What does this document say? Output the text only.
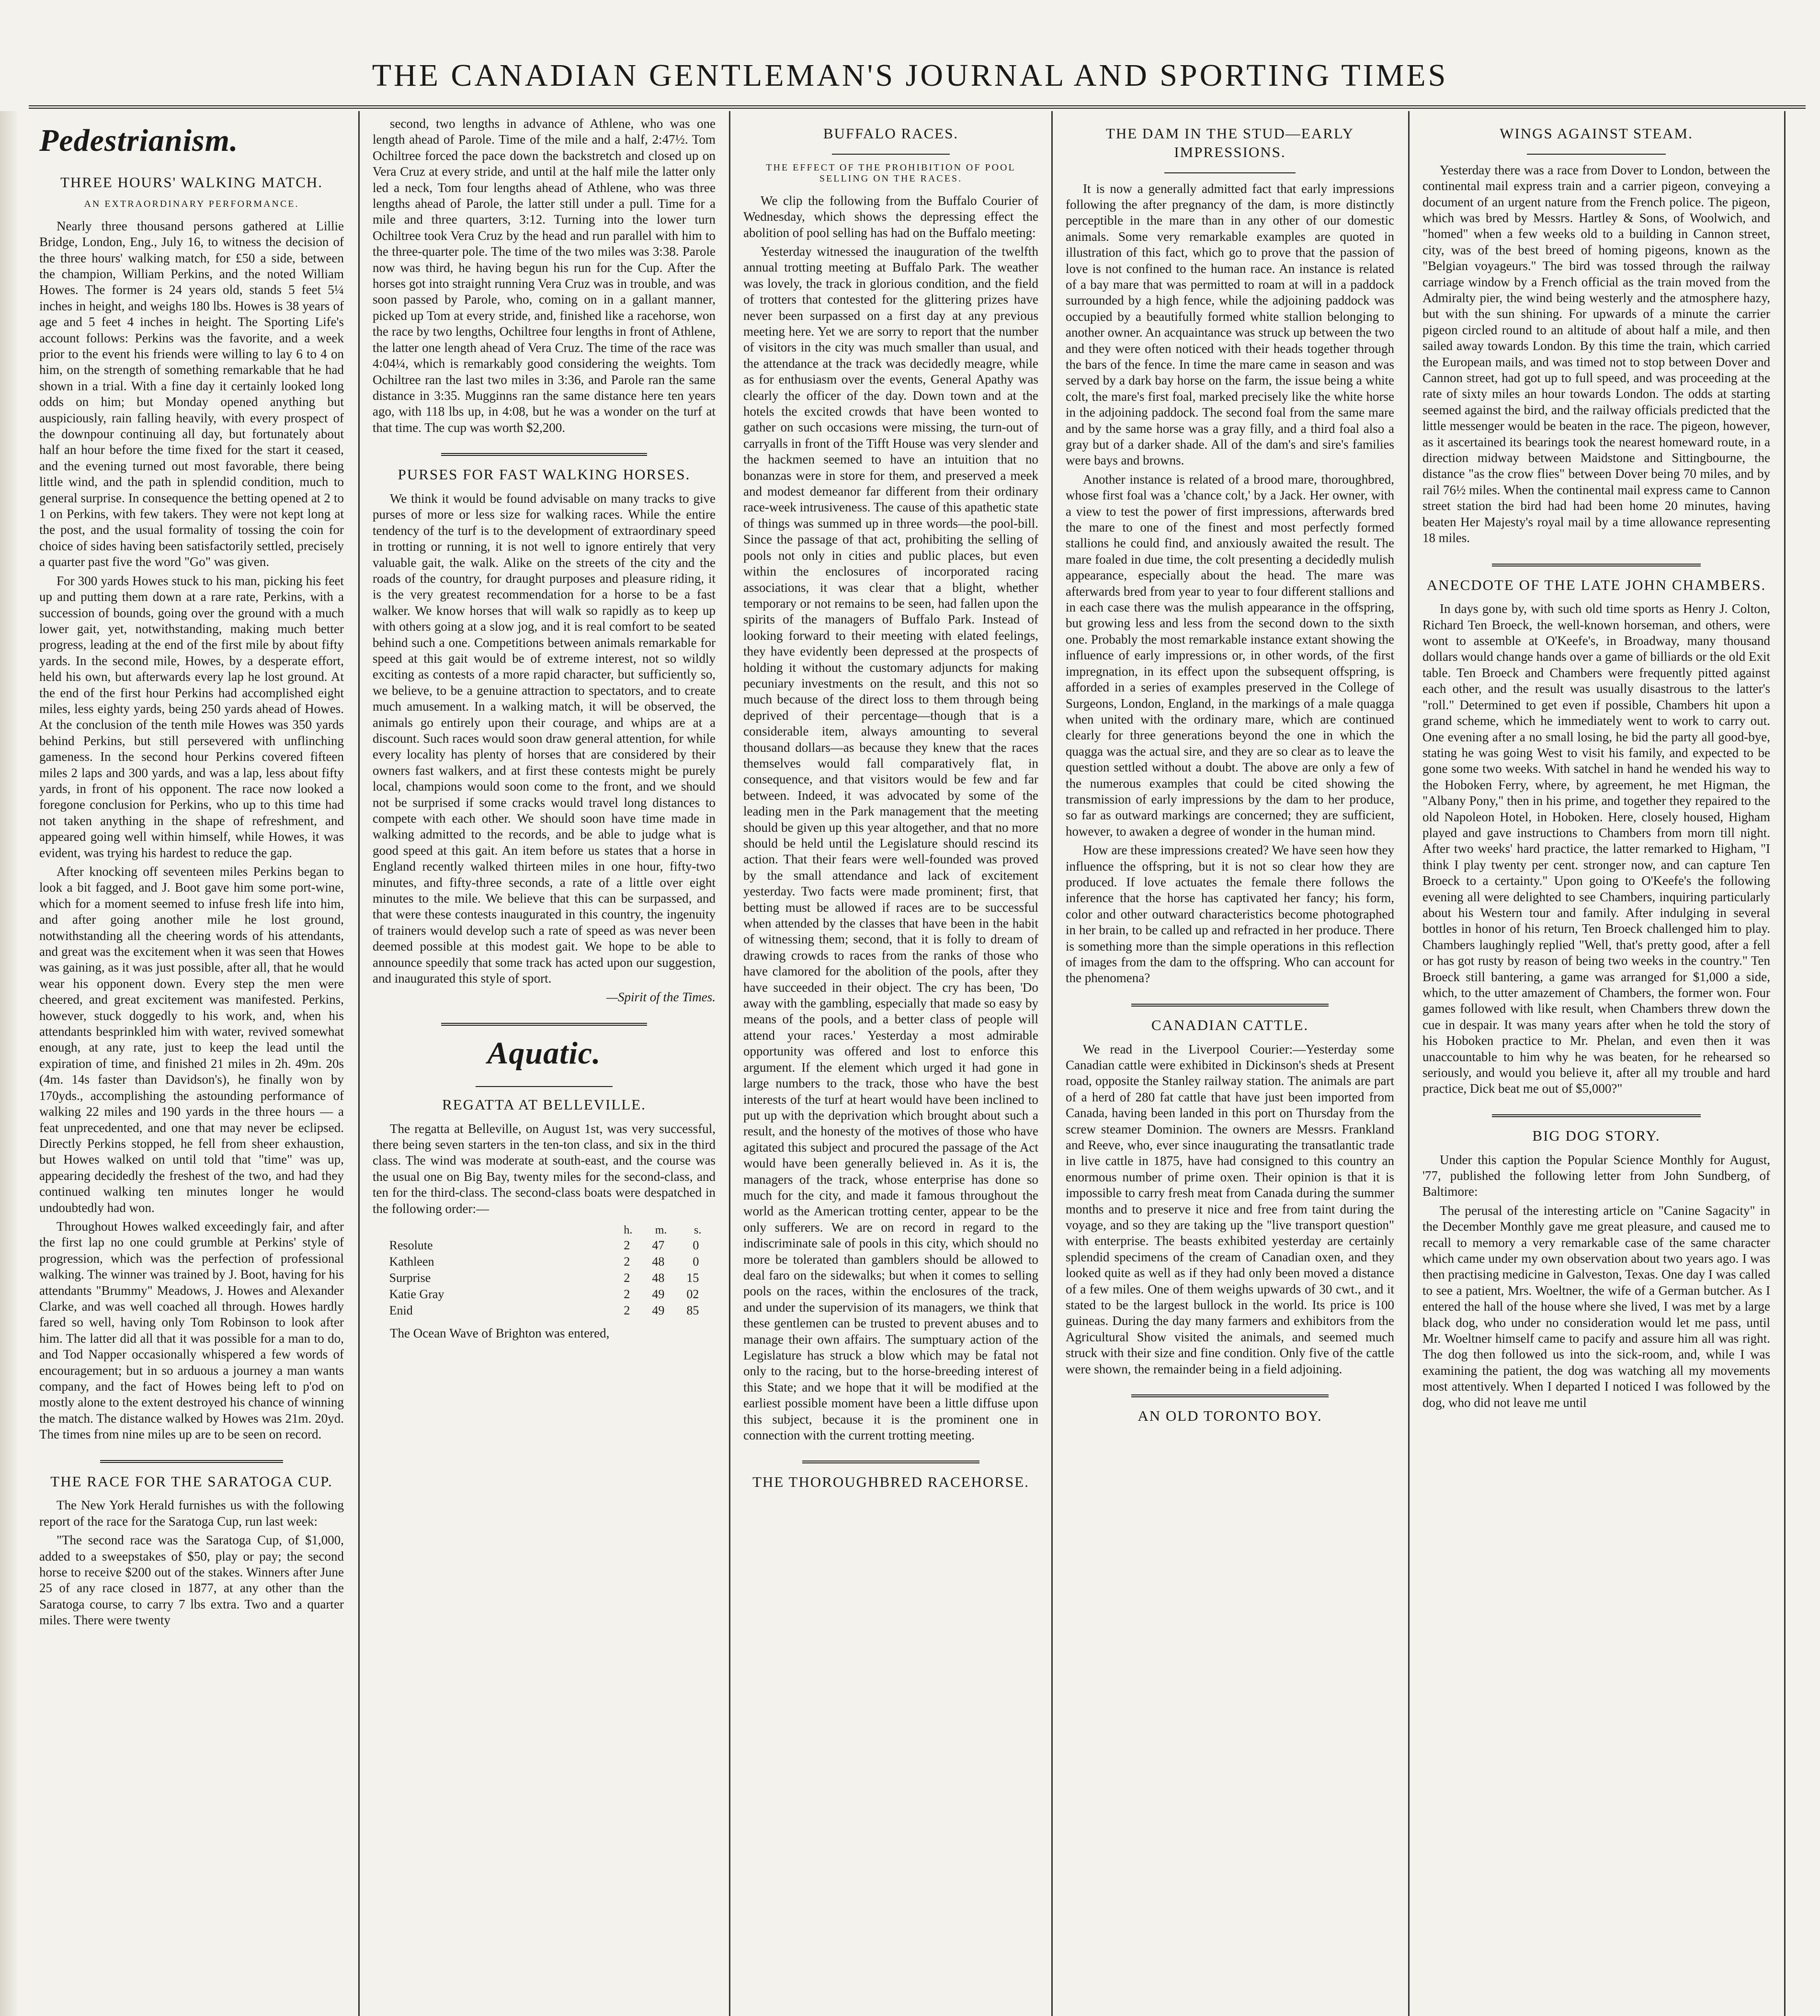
THE CANADIAN GENTLEMAN'S JOURNAL AND SPORTING TIMES
Pedestrianism.
THREE HOURS' WALKING MATCH.
AN EXTRAORDINARY PERFORMANCE.

Nearly three thousand persons gathered at Lillie Bridge, London, Eng., July 16, to witness the decision of the three hours' walking match, for £50 a side, between the champion, William Perkins, and the noted William Howes. The former is 24 years old, stands 5 feet 5¼ inches in height, and weighs 180 lbs. Howes is 38 years of age and 5 feet 4 inches in height. The Sporting Life's account follows: Perkins was the favorite, and a week prior to the event his friends were willing to lay 6 to 4 on him, on the strength of something remarkable that he had shown in a trial. With a fine day it certainly looked long odds on him; but Monday opened anything but auspiciously, rain falling heavily, with every prospect of the downpour continuing all day, but fortunately about half an hour before the time fixed for the start it ceased, and the evening turned out most favorable, there being little wind, and the path in splendid condition, much to general surprise. In consequence the betting opened at 2 to 1 on Perkins, with few takers. They were not kept long at the post, and the usual formality of tossing the coin for choice of sides having been satisfactorily settled, precisely a quarter past five the word "Go" was given.

For 300 yards Howes stuck to his man, picking his feet up and putting them down at a rare rate, Perkins, with a succession of bounds, going over the ground with a much lower gait, yet, notwithstanding, making much better progress, leading at the end of the first mile by about fifty yards. In the second mile, Howes, by a desperate effort, held his own, but afterwards every lap he lost ground. At the end of the first hour Perkins had accomplished eight miles, less eighty yards, being 250 yards ahead of Howes. At the conclusion of the tenth mile Howes was 350 yards behind Perkins, but still persevered with unflinching gameness. In the second hour Perkins covered fifteen miles 2 laps and 300 yards, and was a lap, less about fifty yards, in front of his opponent. The race now looked a foregone conclusion for Perkins, who up to this time had not taken anything in the shape of refreshment, and appeared going well within himself, while Howes, it was evident, was trying his hardest to reduce the gap.

After knocking off seventeen miles Perkins began to look a bit fagged, and J. Boot gave him some port-wine, which for a moment seemed to infuse fresh life into him, and after going another mile he lost ground, notwithstanding all the cheering words of his attendants, and great was the excitement when it was seen that Howes was gaining, as it was just possible, after all, that he would wear his opponent down. Every step the men were cheered, and great excitement was manifested. Perkins, however, stuck doggedly to his work, and, when his attendants besprinkled him with water, revived somewhat enough, at any rate, just to keep the lead until the expiration of time, and finished 21 miles in 2h. 49m. 20s (4m. 14s faster than Davidson's), he finally won by 170yds., accomplishing the astounding performance of walking 22 miles and 190 yards in the three hours — a feat unprecedented, and one that may never be eclipsed. Directly Perkins stopped, he fell from sheer exhaustion, but Howes walked on until told that "time" was up, appearing decidedly the freshest of the two, and had they continued walking ten minutes longer he would undoubtedly had won.

Throughout Howes walked exceedingly fair, and after the first lap no one could grumble at Perkins' style of progression, which was the perfection of professional walking. The winner was trained by J. Boot, having for his attendants "Brummy" Meadows, J. Howes and Alexander Clarke, and was well coached all through. Howes hardly fared so well, having only Tom Robinson to look after him. The latter did all that it was possible for a man to do, and Tod Napper occasionally whispered a few words of encouragement; but in so arduous a journey a man wants company, and the fact of Howes being left to p'od on mostly alone to the extent destroyed his chance of winning the match. The distance walked by Howes was 21m. 20yd. The times from nine miles up are to be seen on record.

THE RACE FOR THE SARATOGA CUP.

The New York Herald furnishes us with the following report of the race for the Saratoga Cup, run last week:

"The second race was the Saratoga Cup, of $1,000, added to a sweepstakes of $50, play or pay; the second horse to receive $200 out of the stakes. Winners after June 25 of any race closed in 1877, at any other than the Saratoga course, to carry 7 lbs extra. Two and a quarter miles. There were twenty

second, two lengths in advance of Athlene, who was one length ahead of Parole. Time of the mile and a half, 2:47½. Tom Ochiltree forced the pace down the backstretch and closed up on Vera Cruz at every stride, and until at the half mile the latter only led a neck, Tom four lengths ahead of Athlene, who was three lengths ahead of Parole, the latter still under a pull. Time for a mile and three quarters, 3:12. Turning into the lower turn Ochiltree took Vera Cruz by the head and run parallel with him to the three-quarter pole. The time of the two miles was 3:38. Parole now was third, he having begun his run for the Cup. After the horses got into straight running Vera Cruz was in trouble, and was soon passed by Parole, who, coming on in a gallant manner, picked up Tom at every stride, and, finished like a racehorse, won the race by two lengths, Ochiltree four lengths in front of Athlene, the latter one length ahead of Vera Cruz. The time of the race was 4:04¼, which is remarkably good considering the weights. Tom Ochiltree ran the last two miles in 3:36, and Parole ran the same distance in 3:35. Mugginns ran the same distance here ten years ago, with 118 lbs up, in 4:08, but he was a wonder on the turf at that time. The cup was worth $2,200.

PURSES FOR FAST WALKING HORSES.

We think it would be found advisable on many tracks to give purses of more or less size for walking races. While the entire tendency of the turf is to the development of extraordinary speed in trotting or running, it is not well to ignore entirely that very valuable gait, the walk. Alike on the streets of the city and the roads of the country, for draught purposes and pleasure riding, it is the very greatest recommendation for a horse to be a fast walker. We know horses that will walk so rapidly as to keep up with others going at a slow jog, and it is real comfort to be seated behind such a one. Competitions between animals remarkable for speed at this gait would be of extreme interest, not so wildly exciting as contests of a more rapid character, but sufficiently so, we believe, to be a genuine attraction to spectators, and to create much amusement. In a walking match, it will be observed, the animals go entirely upon their courage, and whips are at a discount. Such races would soon draw general attention, for while every locality has plenty of horses that are considered by their owners fast walkers, and at first these contests might be purely local, champions would soon come to the front, and we should not be surprised if some cracks would travel long distances to compete with each other. We should soon have time made in walking admitted to the records, and be able to judge what is good speed at this gait. An item before us states that a horse in England recently walked thirteen miles in one hour, fifty-two minutes, and fifty-three seconds, a rate of a little over eight minutes to the mile. We believe that this can be surpassed, and that were these contests inaugurated in this country, the ingenuity of trainers would develop such a rate of speed as was never been deemed possible at this modest gait. We hope to be able to announce speedily that some track has acted upon our suggestion, and inaugurated this style of sport.

—Spirit of the Times.

Aquatic.
REGATTA AT BELLEVILLE.

The regatta at Belleville, on August 1st, was very successful, there being seven starters in the ten-ton class, and six in the third class. The wind was moderate at south-east, and the course was the usual one on Big Bay, twenty miles for the second-class, and ten for the third-class. The second-class boats were despatched in the following order:—

	h.	m.	s.
Resolute	2	47	0
Kathleen	2	48	0
Surprise	2	48	15
Katie Gray	2	49	02
Enid	2	49	85

The Ocean Wave of Brighton was entered,

BUFFALO RACES.
THE EFFECT OF THE PROHIBITION OF POOL SELLING ON THE RACES.

We clip the following from the Buffalo Courier of Wednesday, which shows the depressing effect the abolition of pool selling has had on the Buffalo meeting:

Yesterday witnessed the inauguration of the twelfth annual trotting meeting at Buffalo Park. The weather was lovely, the track in glorious condition, and the field of trotters that contested for the glittering prizes have never been surpassed on a first day at any previous meeting here. Yet we are sorry to report that the number of visitors in the city was much smaller than usual, and the attendance at the track was decidedly meagre, while as for enthusiasm over the events, General Apathy was clearly the officer of the day. Down town and at the hotels the excited crowds that have been wonted to gather on such occasions were missing, the turn-out of carryalls in front of the Tifft House was very slender and the hackmen seemed to have an intuition that no bonanzas were in store for them, and preserved a meek and modest demeanor far different from their ordinary race-week intrusiveness. The cause of this apathetic state of things was summed up in three words—the pool-bill. Since the passage of that act, prohibiting the selling of pools not only in cities and public places, but even within the enclosures of incorporated racing associations, it was clear that a blight, whether temporary or not remains to be seen, had fallen upon the spirits of the managers of Buffalo Park. Instead of looking forward to their meeting with elated feelings, they have evidently been depressed at the prospects of holding it without the customary adjuncts for making pecuniary investments on the result, and this not so much because of the direct loss to them through being deprived of their percentage—though that is a considerable item, always amounting to several thousand dollars—as because they knew that the races themselves would fall comparatively flat, in consequence, and that visitors would be few and far between. Indeed, it was advocated by some of the leading men in the Park management that the meeting should be given up this year altogether, and that no more should be held until the Legislature should rescind its action. That their fears were well-founded was proved by the small attendance and lack of excitement yesterday. Two facts were made prominent; first, that betting must be allowed if races are to be successful when attended by the classes that have been in the habit of witnessing them; second, that it is folly to dream of drawing crowds to races from the ranks of those who have clamored for the abolition of the pools, after they have succeeded in their object. The cry has been, 'Do away with the gambling, especially that made so easy by means of the pools, and a better class of people will attend your races.' Yesterday a most admirable opportunity was offered and lost to enforce this argument. If the element which urged it had gone in large numbers to the track, those who have the best interests of the turf at heart would have been inclined to put up with the deprivation which brought about such a result, and the honesty of the motives of those who have agitated this subject and procured the passage of the Act would have been generally believed in. As it is, the managers of the track, whose enterprise has done so much for the city, and made it famous throughout the world as the American trotting center, appear to be the only sufferers. We are on record in regard to the indiscriminate sale of pools in this city, which should no more be tolerated than gamblers should be allowed to deal faro on the sidewalks; but when it comes to selling pools on the races, within the enclosures of the track, and under the supervision of its managers, we think that these gentlemen can be trusted to prevent abuses and to manage their own affairs. The sumptuary action of the Legislature has struck a blow which may be fatal not only to the racing, but to the horse-breeding interest of this State; and we hope that it will be modified at the earliest possible moment have been a little diffuse upon this subject, because it is the prominent one in connection with the current trotting meeting.

THE THOROUGHBRED RACEHORSE.
THE DAM IN THE STUD—EARLY IMPRESSIONS.

It is now a generally admitted fact that early impressions following the after pregnancy of the dam, is more distinctly perceptible in the mare than in any other of our domestic animals. Some very remarkable examples are quoted in illustration of this fact, which go to prove that the passion of love is not confined to the human race. An instance is related of a bay mare that was permitted to roam at will in a paddock surrounded by a high fence, while the adjoining paddock was occupied by a beautifully formed white stallion belonging to another owner. An acquaintance was struck up between the two and they were often noticed with their heads together through the bars of the fence. In time the mare came in season and was served by a dark bay horse on the farm, the issue being a white colt, the mare's first foal, marked precisely like the white horse in the adjoining paddock. The second foal from the same mare and by the same horse was a gray filly, and a third foal also a gray but of a darker shade. All of the dam's and sire's families were bays and browns.

Another instance is related of a brood mare, thoroughbred, whose first foal was a 'chance colt,' by a Jack. Her owner, with a view to test the power of first impressions, afterwards bred the mare to one of the finest and most perfectly formed stallions he could find, and anxiously awaited the result. The mare foaled in due time, the colt presenting a decidedly mulish appearance, especially about the head. The mare was afterwards bred from year to year to four different stallions and in each case there was the mulish appearance in the offspring, but growing less and less from the second down to the sixth one. Probably the most remarkable instance extant showing the influence of early impressions or, in other words, of the first impregnation, in its effect upon the subsequent offspring, is afforded in a series of examples preserved in the College of Surgeons, London, England, in the markings of a male quagga when united with the ordinary mare, which are continued clearly for three generations beyond the one in which the quagga was the actual sire, and they are so clear as to leave the question settled without a doubt. The above are only a few of the numerous examples that could be cited showing the transmission of early impressions by the dam to her produce, so far as outward markings are concerned; they are sufficient, however, to awaken a degree of wonder in the human mind.

How are these impressions created? We have seen how they influence the offspring, but it is not so clear how they are produced. If love actuates the female there follows the inference that the horse has captivated her fancy; his form, color and other outward characteristics become photographed in her brain, to be called up and refracted in her produce. There is something more than the simple operations in this reflection of images from the dam to the offspring. Who can account for the phenomena?

CANADIAN CATTLE.

We read in the Liverpool Courier:—Yesterday some Canadian cattle were exhibited in Dickinson's sheds at Present road, opposite the Stanley railway station. The animals are part of a herd of 280 fat cattle that have just been imported from Canada, having been landed in this port on Thursday from the screw steamer Dominion. The owners are Messrs. Frankland and Reeve, who, ever since inaugurating the transatlantic trade in live cattle in 1875, have had consigned to this country an enormous number of prime oxen. Their opinion is that it is impossible to carry fresh meat from Canada during the summer months and to preserve it nice and free from taint during the voyage, and so they are taking up the "live transport question" with enterprise. The beasts exhibited yesterday are certainly splendid specimens of the cream of Canadian oxen, and they looked quite as well as if they had only been moved a distance of a few miles. One of them weighs upwards of 30 cwt., and it stated to be the largest bullock in the world. Its price is 100 guineas. During the day many farmers and exhibitors from the Agricultural Show visited the animals, and seemed much struck with their size and fine condition. Only five of the cattle were shown, the remainder being in a field adjoining.

AN OLD TORONTO BOY.
WINGS AGAINST STEAM.

Yesterday there was a race from Dover to London, between the continental mail express train and a carrier pigeon, conveying a document of an urgent nature from the French police. The pigeon, which was bred by Messrs. Hartley & Sons, of Woolwich, and "homed" when a few weeks old to a building in Cannon street, city, was of the best breed of homing pigeons, known as the "Belgian voyageurs." The bird was tossed through the railway carriage window by a French official as the train moved from the Admiralty pier, the wind being westerly and the atmosphere hazy, but with the sun shining. For upwards of a minute the carrier pigeon circled round to an altitude of about half a mile, and then sailed away towards London. By this time the train, which carried the European mails, and was timed not to stop between Dover and Cannon street, had got up to full speed, and was proceeding at the rate of sixty miles an hour towards London. The odds at starting seemed against the bird, and the railway officials predicted that the little messenger would be beaten in the race. The pigeon, however, as it ascertained its bearings took the nearest homeward route, in a direction midway between Maidstone and Sittingbourne, the distance "as the crow flies" between Dover being 70 miles, and by rail 76½ miles. When the continental mail express came to Cannon street station the bird had had been home 20 minutes, having beaten Her Majesty's royal mail by a time allowance representing 18 miles.

ANECDOTE OF THE LATE JOHN CHAMBERS.

In days gone by, with such old time sports as Henry J. Colton, Richard Ten Broeck, the well-known horseman, and others, were wont to assemble at O'Keefe's, in Broadway, many thousand dollars would change hands over a game of billiards or the old Exit table. Ten Broeck and Chambers were frequently pitted against each other, and the result was usually disastrous to the latter's "roll." Determined to get even if possible, Chambers hit upon a grand scheme, which he immediately went to work to carry out. One evening after a no small losing, he bid the party all good-bye, stating he was going West to visit his family, and expected to be gone some two weeks. With satchel in hand he wended his way to the Hoboken Ferry, where, by agreement, he met Higman, the "Albany Pony," then in his prime, and together they repaired to the old Napoleon Hotel, in Hoboken. Here, closely housed, Higham played and gave instructions to Chambers from morn till night. After two weeks' hard practice, the latter remarked to Higham, "I think I play twenty per cent. stronger now, and can capture Ten Broeck to a certainty." Upon going to O'Keefe's the following evening all were delighted to see Chambers, inquiring particularly about his Western tour and family. After indulging in several bottles in honor of his return, Ten Broeck challenged him to play. Chambers laughingly replied "Well, that's pretty good, after a fell or has got rusty by reason of being two weeks in the country." Ten Broeck still bantering, a game was arranged for $1,000 a side, which, to the utter amazement of Chambers, the former won. Four games followed with like result, when Chambers threw down the cue in despair. It was many years after when he told the story of his Hoboken practice to Mr. Phelan, and even then it was unaccountable to him why he was beaten, for he rehearsed so seriously, and would you believe it, after all my trouble and hard practice, Dick beat me out of $5,000?"

BIG DOG STORY.

Under this caption the Popular Science Monthly for August, '77, published the following letter from John Sundberg, of Baltimore:

The perusal of the interesting article on "Canine Sagacity" in the December Monthly gave me great pleasure, and caused me to recall to memory a very remarkable case of the same character which came under my own observation about two years ago. I was then practising medicine in Galveston, Texas. One day I was called to see a patient, Mrs. Woeltner, the wife of a German butcher. As I entered the hall of the house where she lived, I was met by a large black dog, who under no consideration would let me pass, until Mr. Woeltner himself came to pacify and assure him all was right. The dog then followed us into the sick-room, and, while I was examining the patient, the dog was watching all my movements most attentively. When I departed I noticed I was followed by the dog, who did not leave me until
